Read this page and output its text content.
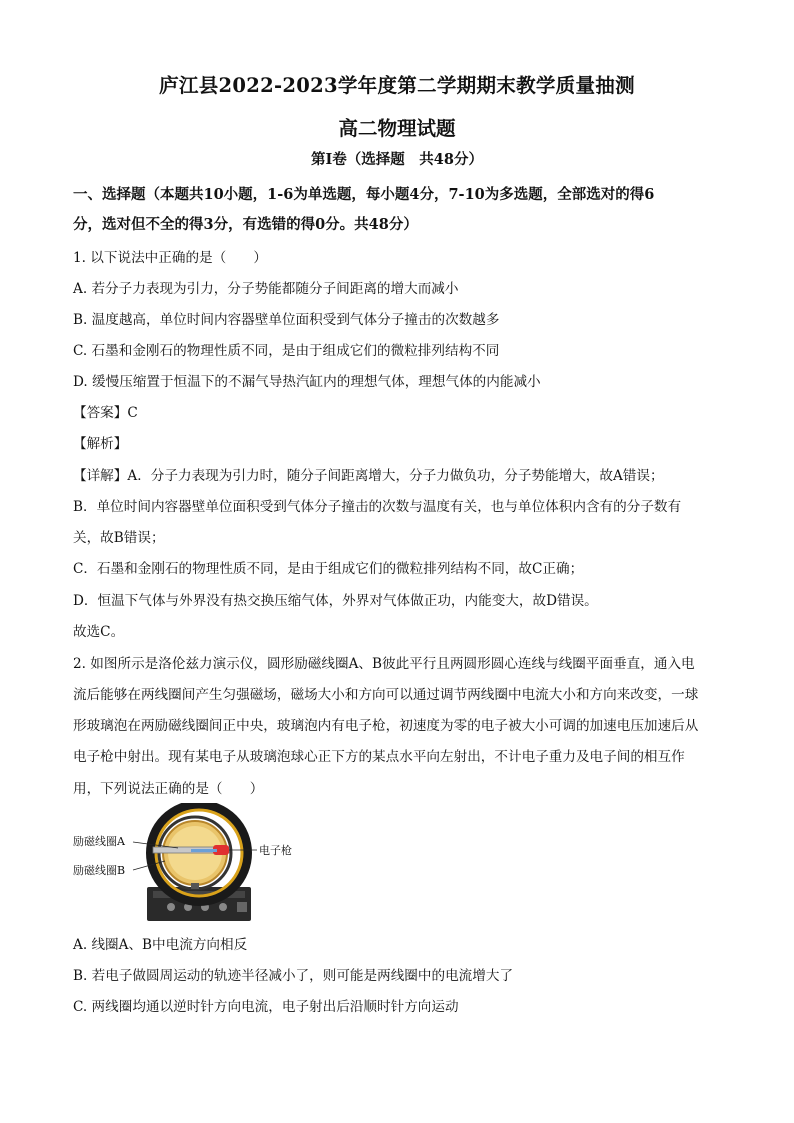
庐江县2022-2023学年度第二学期期末教学质量抽测
高二物理试题
第I卷（选择题　共48分）
一、选择题（本题共10小题，1-6为单选题，每小题4分，7-10为多选题，全部选对的得6
分，选对但不全的得3分，有选错的得0分。共48分）
1. 以下说法中正确的是（　　）
A. 若分子力表现为引力，分子势能都随分子间距离的增大而减小
B. 温度越高，单位时间内容器壁单位面积受到气体分子撞击的次数越多
C. 石墨和金刚石的物理性质不同，是由于组成它们的微粒排列结构不同
D. 缓慢压缩置于恒温下的不漏气导热汽缸内的理想气体，理想气体的内能减小
【答案】C
【解析】
【详解】A．分子力表现为引力时，随分子间距离增大，分子力做负功，分子势能增大，故A错误；
B．单位时间内容器壁单位面积受到气体分子撞击的次数与温度有关，也与单位体积内含有的分子数有
关，故B错误；
C．石墨和金刚石的物理性质不同，是由于组成它们的微粒排列结构不同，故C正确；
D．恒温下气体与外界没有热交换压缩气体，外界对气体做正功，内能变大，故D错误。
故选C。
2. 如图所示是洛伦兹力演示仪，圆形励磁线圈A、B彼此平行且两圆形圆心连线与线圈平面垂直，通入电
流后能够在两线圈间产生匀强磁场，磁场大小和方向可以通过调节两线圈中电流大小和方向来改变，一球
形玻璃泡在两励磁线圈间正中央，玻璃泡内有电子枪，初速度为零的电子被大小可调的加速电压加速后从
电子枪中射出。现有某电子从玻璃泡球心正下方的某点水平向左射出，不计电子重力及电子间的相互作
用，下列说法正确的是（　　）
励磁线圈A
励磁线圈B
电子枪
A. 线圈A、B中电流方向相反
B. 若电子做圆周运动的轨迹半径减小了，则可能是两线圈中的电流增大了
C. 两线圈均通以逆时针方向电流，电子射出后沿顺时针方向运动
